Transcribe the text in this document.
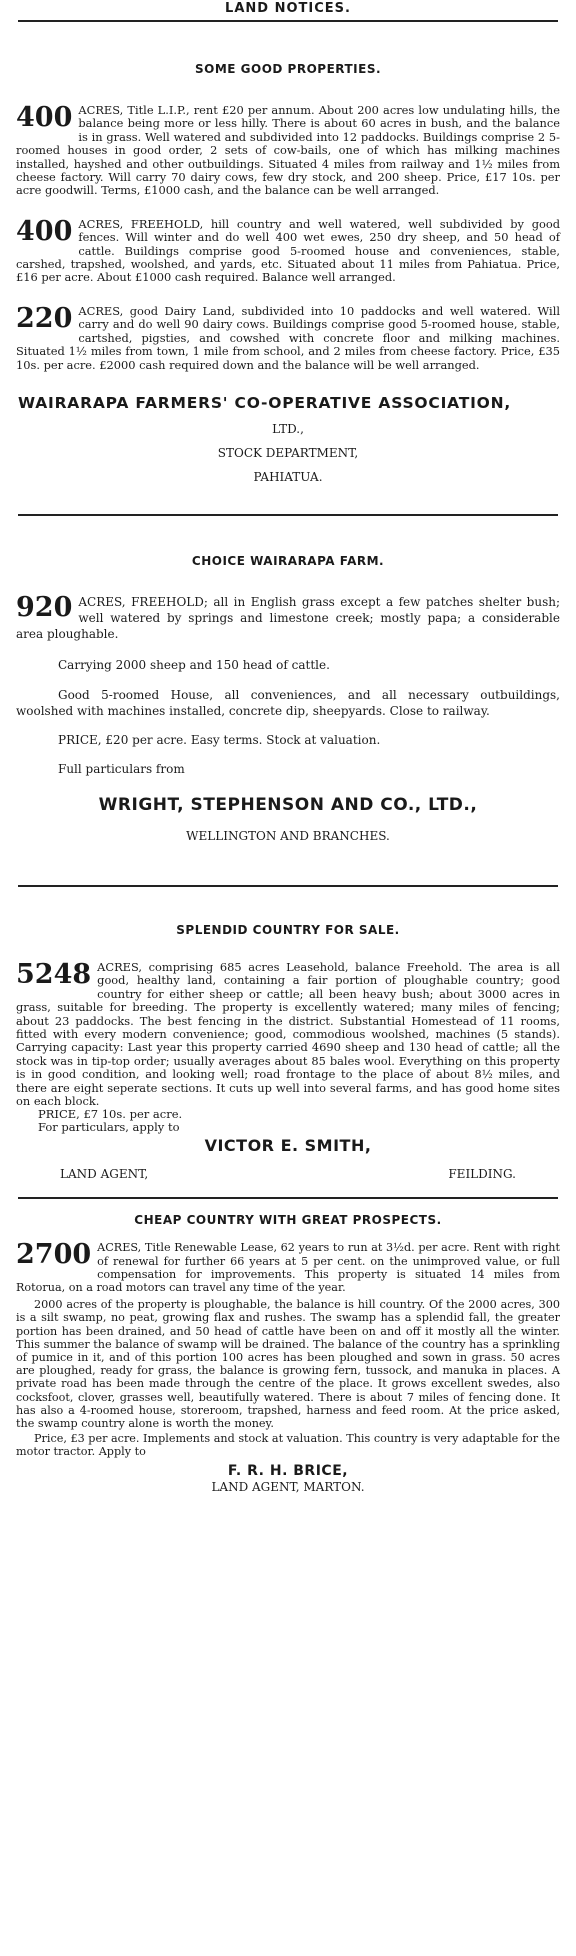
LAND NOTICES.
SOME GOOD PROPERTIES.
400 ACRES, Title L.I.P., rent £20 per annum. About 200 acres low undulating hills, the balance being more or less hilly. There is about 60 acres in bush, and the balance is in grass. Well watered and subdivided into 12 paddocks. Buildings comprise 2 5-roomed houses in good order, 2 sets of cow-bails, one of which has milking machines installed, hayshed and other outbuildings. Situated 4 miles from railway and 1½ miles from cheese factory. Will carry 70 dairy cows, few dry stock, and 200 sheep. Price, £17 10s. per acre goodwill. Terms, £1000 cash, and the balance can be well arranged.
400 ACRES, FREEHOLD, hill country and well watered, well subdivided by good fences. Will winter and do well 400 wet ewes, 250 dry sheep, and 50 head of cattle. Buildings comprise good 5-roomed house and conveniences, stable, carshed, trapshed, woolshed, and yards, etc. Situated about 11 miles from Pahiatua. Price, £16 per acre. About £1000 cash required. Balance well arranged.
220 ACRES, good Dairy Land, subdivided into 10 paddocks and well watered. Will carry and do well 90 dairy cows. Buildings comprise good 5-roomed house, stable, cartshed, pigsties, and cowshed with concrete floor and milking machines. Situated 1½ miles from town, 1 mile from school, and 2 miles from cheese factory. Price, £35 10s. per acre. £2000 cash required down and the balance will be well arranged.
WAIRARAPA FARMERS' CO-OPERATIVE ASSOCIATION,
LTD.,
STOCK DEPARTMENT,
PAHIATUA.
CHOICE WAIRARAPA FARM.
920 ACRES, FREEHOLD; all in English grass except a few patches shelter bush; well watered by springs and limestone creek; mostly papa; a considerable area ploughable.
Carrying 2000 sheep and 150 head of cattle.
Good 5-roomed House, all conveniences, and all necessary outbuildings, woolshed with machines installed, concrete dip, sheepyards. Close to railway.
PRICE, £20 per acre. Easy terms. Stock at valuation.
Full particulars from
WRIGHT, STEPHENSON AND CO., LTD.,
WELLINGTON AND BRANCHES.
SPLENDID COUNTRY FOR SALE.
5248 ACRES, comprising 685 acres Leasehold, balance Freehold. The area is all good, healthy land, containing a fair portion of ploughable country; good country for either sheep or cattle; all been heavy bush; about 3000 acres in grass, suitable for breeding. The property is excellently watered; many miles of fencing; about 23 paddocks. The best fencing in the district. Substantial Homestead of 11 rooms, fitted with every modern convenience; good, commodious woolshed, machines (5 stands). Carrying capacity: Last year this property carried 4690 sheep and 130 head of cattle; all the stock was in tip-top order; usually averages about 85 bales wool. Everything on this property is in good condition, and looking well; road frontage to the place of about 8½ miles, and there are eight seperate sections. It cuts up well into several farms, and has good home sites on each block.
PRICE, £7 10s. per acre.
For particulars, apply to
VICTOR E. SMITH,
LAND AGENT,	FEILDING.
CHEAP COUNTRY WITH GREAT PROSPECTS.
2700 ACRES, Title Renewable Lease, 62 years to run at 3½d. per acre. Rent with right of renewal for further 66 years at 5 per cent. on the unimproved value, or full compensation for improvements. This property is situated 14 miles from Rotorua, on a road motors can travel any time of the year.
2000 acres of the property is ploughable, the balance is hill country. Of the 2000 acres, 300 is a silt swamp, no peat, growing flax and rushes. The swamp has a splendid fall, the greater portion has been drained, and 50 head of cattle have been on and off it mostly all the winter. This summer the balance of swamp will be drained. The balance of the country has a sprinkling of pumice in it, and of this portion 100 acres has been ploughed and sown in grass. 50 acres are ploughed, ready for grass, the balance is growing fern, tussock, and manuka in places. A private road has been made through the centre of the place. It grows excellent swedes, also cocksfoot, clover, grasses well, beautifully watered. There is about 7 miles of fencing done. It has also a 4-roomed house, storeroom, trapshed, harness and feed room. At the price asked, the swamp country alone is worth the money.
Price, £3 per acre. Implements and stock at valuation. This country is very adaptable for the motor tractor. Apply to
F. R. H. BRICE,
LAND AGENT, MARTON.
